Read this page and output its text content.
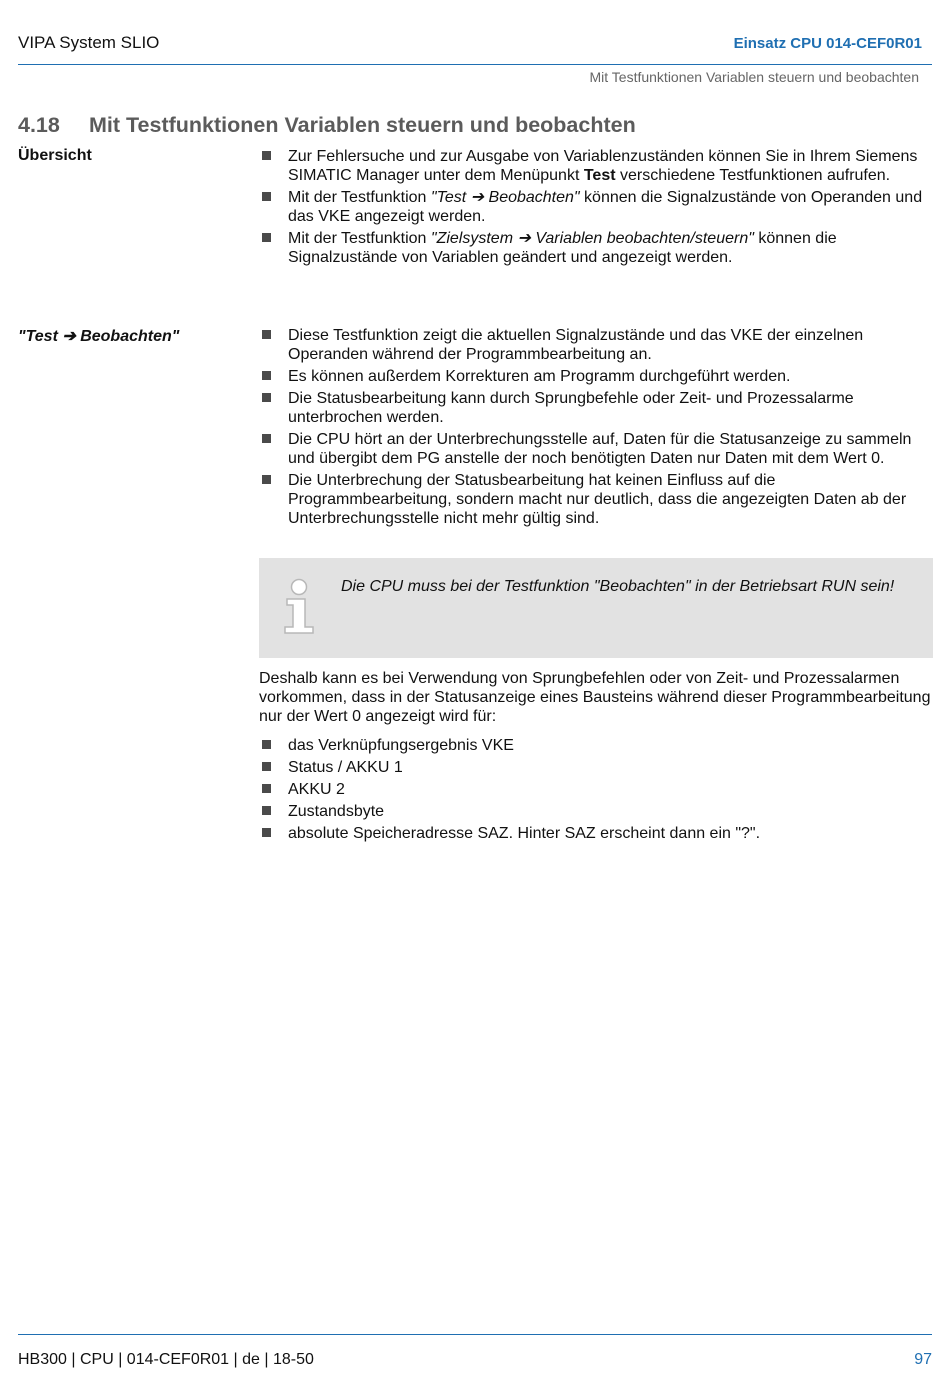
VIPA System SLIO	Einsatz CPU 014-CEF0R01
Mit Testfunktionen Variablen steuern und beobachten
4.18 Mit Testfunktionen Variablen steuern und beobachten
Übersicht	Zur Fehlersuche und zur Ausgabe von Variablenzuständen können Sie in Ihrem Siemens SIMATIC Manager unter dem Menüpunkt Test verschiedene Testfunktionen aufrufen.
Mit der Testfunktion "Test ➔ Beobachten" können die Signalzustände von Operanden und das VKE angezeigt werden.
Mit der Testfunktion "Zielsystem ➔ Variablen beobachten/steuern" können die Signalzustände von Variablen geändert und angezeigt werden.
"Test ➔ Beobachten"	Diese Testfunktion zeigt die aktuellen Signalzustände und das VKE der einzelnen Operanden während der Programmbearbeitung an.
Es können außerdem Korrekturen am Programm durchgeführt werden.
Die Statusbearbeitung kann durch Sprungbefehle oder Zeit- und Prozessalarme unterbrochen werden.
Die CPU hört an der Unterbrechungsstelle auf, Daten für die Statusanzeige zu sammeln und übergibt dem PG anstelle der noch benötigten Daten nur Daten mit dem Wert 0.
Die Unterbrechung der Statusbearbeitung hat keinen Einfluss auf die Programmbearbeitung, sondern macht nur deutlich, dass die angezeigten Daten ab der Unterbrechungsstelle nicht mehr gültig sind.
Die CPU muss bei der Testfunktion "Beobachten" in der Betriebsart RUN sein!
Deshalb kann es bei Verwendung von Sprungbefehlen oder von Zeit- und Prozessalarmen vorkommen, dass in der Statusanzeige eines Bausteins während dieser Programmbearbeitung nur der Wert 0 angezeigt wird für:
das Verknüpfungsergebnis VKE
Status / AKKU 1
AKKU 2
Zustandsbyte
absolute Speicheradresse SAZ. Hinter SAZ erscheint dann ein "?".
HB300 | CPU | 014-CEF0R01 | de | 18-50	97
